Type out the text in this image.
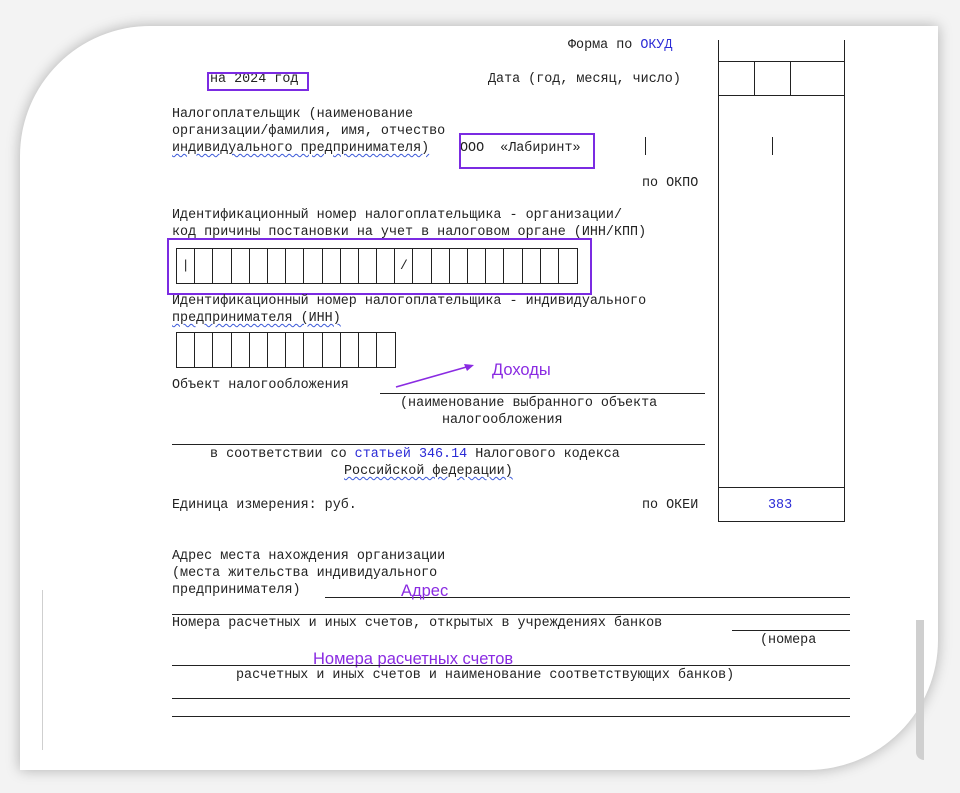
Форма по ОКУД
на 2024 год	Дата (год, месяц, число)
Налогоплательщик (наименование
организации/фамилия, имя, отчество
индивидуального предпринимателя) ООО  «Лабиринт»
по ОКПО
Идентификационный номер налогоплательщика - организации/
код причины постановки на учет в налоговом органе (ИНН/КПП)
|	/
Идентификационный номер налогоплательщика - индивидуального
предпринимателя (ИНН)
Объект налогообложения
Доходы
(наименование выбранного объекта
налогообложения
в соответствии со статьей 346.14 Налогового кодекса
Российской федерации)
Единица измерения: руб.	по ОКЕИ	383
Адрес места нахождения организации
(места жительства индивидуального
предпринимателя)	Адрес
Номера расчетных и иных счетов, открытых в учреждениях банков
(номера
Номера расчетных счетов
расчетных и иных счетов и наименование соответствующих банков)
